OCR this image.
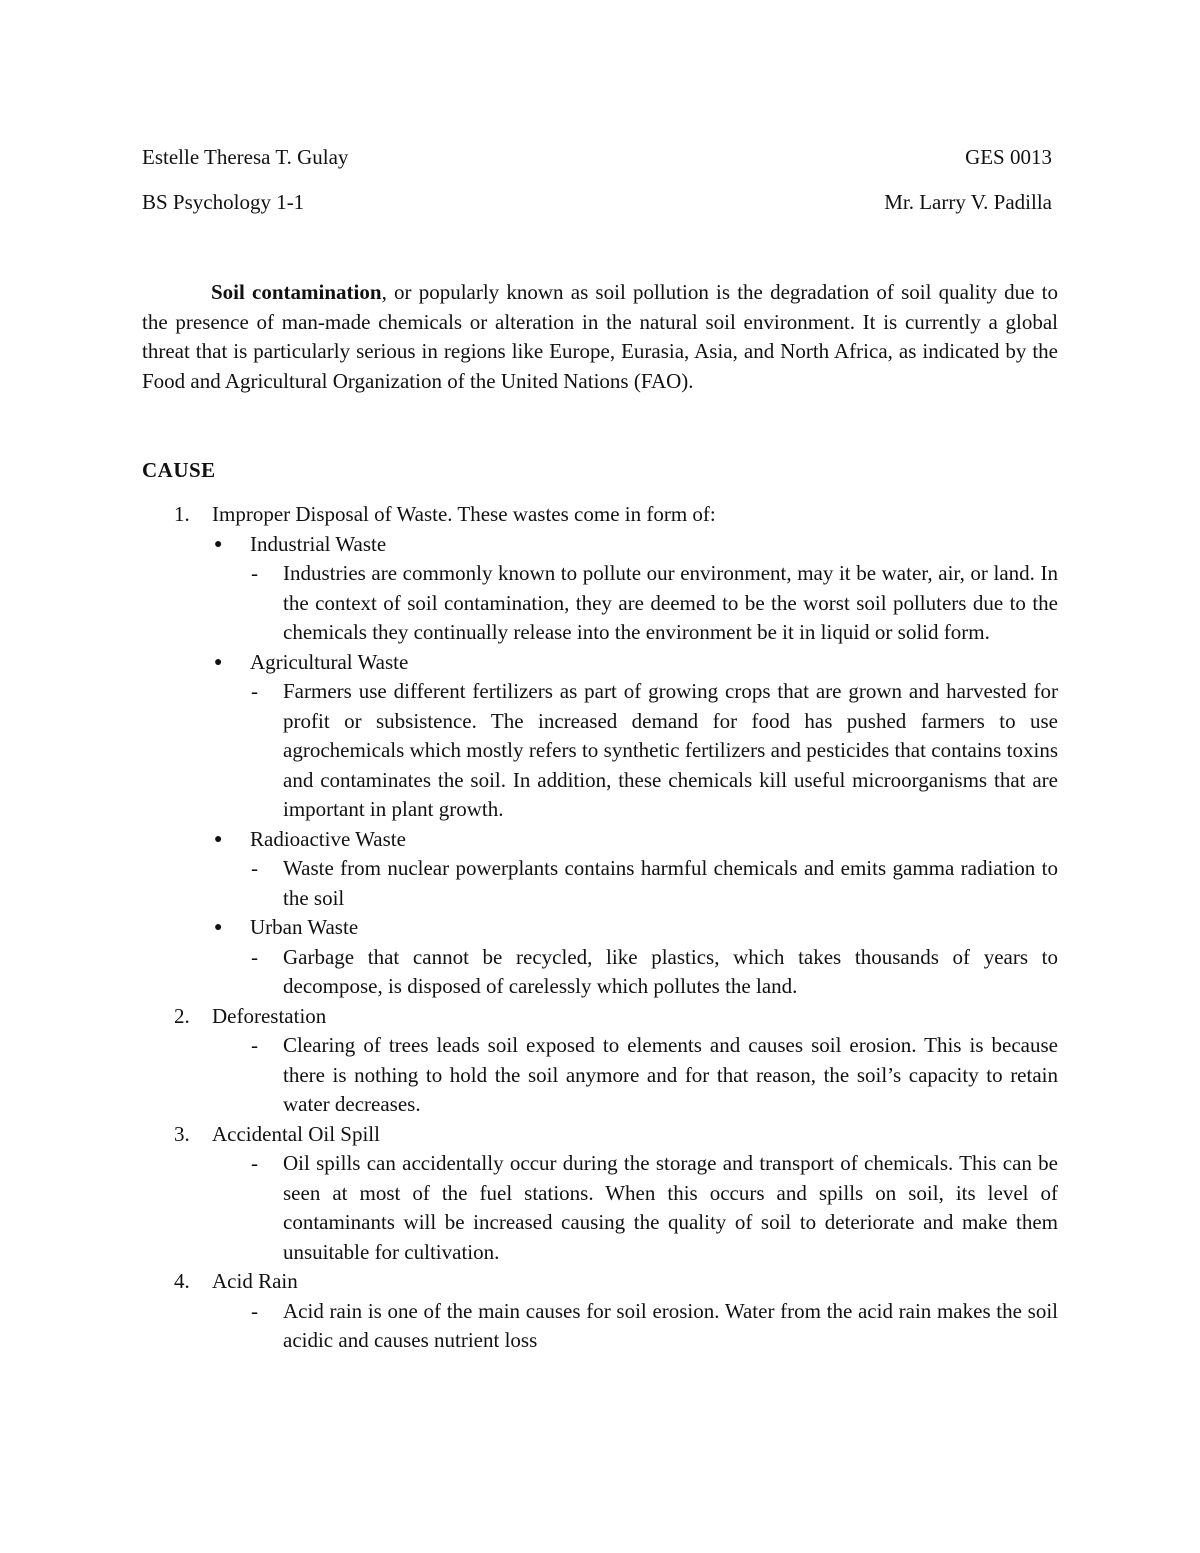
Estelle Theresa T. Gulay	GES 0013
BS Psychology 1-1	Mr. Larry V. Padilla

Soil contamination, or popularly known as soil pollution is the degradation of soil quality due to the presence of man-made chemicals or alteration in the natural soil environment. It is currently a global threat that is particularly serious in regions like Europe, Eurasia, Asia, and North Africa, as indicated by the Food and Agricultural Organization of the United Nations (FAO).

CAUSE
1.	Improper Disposal of Waste. These wastes come in form of:
●	Industrial Waste
-	Industries are commonly known to pollute our environment, may it be water, air, or land. In the context of soil contamination, they are deemed to be the worst soil polluters due to the chemicals they continually release into the environment be it in liquid or solid form.
●	Agricultural Waste
-	Farmers use different fertilizers as part of growing crops that are grown and harvested for profit or subsistence. The increased demand for food has pushed farmers to use agrochemicals which mostly refers to synthetic fertilizers and pesticides that contains toxins and contaminates the soil. In addition, these chemicals kill useful microorganisms that are important in plant growth.
●	Radioactive Waste
-	Waste from nuclear powerplants contains harmful chemicals and emits gamma radiation to the soil
●	Urban Waste
-	Garbage that cannot be recycled, like plastics, which takes thousands of years to decompose, is disposed of carelessly which pollutes the land.
2.	Deforestation
-	Clearing of trees leads soil exposed to elements and causes soil erosion. This is because there is nothing to hold the soil anymore and for that reason, the soil’s capacity to retain water decreases.
3.	Accidental Oil Spill
-	Oil spills can accidentally occur during the storage and transport of chemicals. This can be seen at most of the fuel stations. When this occurs and spills on soil, its level of contaminants will be increased causing the quality of soil to deteriorate and make them unsuitable for cultivation.
4.	Acid Rain
-	Acid rain is one of the main causes for soil erosion. Water from the acid rain makes the soil acidic and causes nutrient loss
